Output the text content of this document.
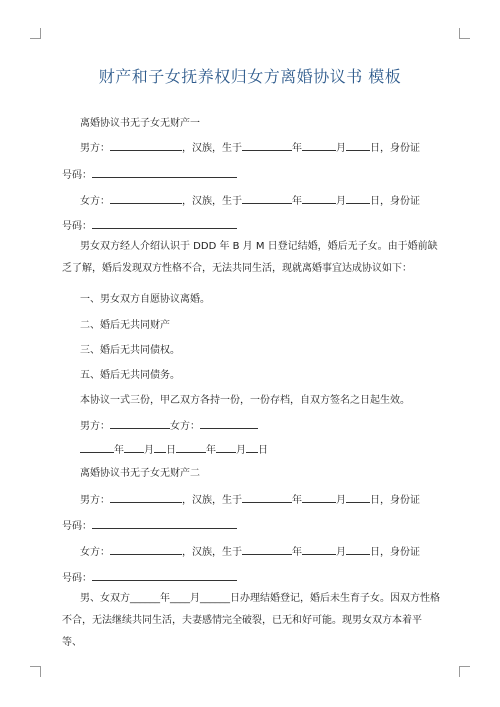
财产和子女抚养权归女方离婚协议书 模板
离婚协议书无子女无财产一
男方：	，汉族，生于	年	月 日，身份证
号码：
女方：	，汉族，生于	年	月 日，身份证
号码：
男女双方经人介绍认识于 DDD 年 B 月 M 日登记结婚，婚后无子女。由于婚前缺乏了解，婚后发现双方性格不合，无法共同生活，现就离婚事宜达成协议如下：
一、男女双方自愿协议离婚。
二、婚后无共同财产
三、婚后无共同债权。
五、婚后无共同债务。
本协议一式三份，甲乙双方各持一份，一份存档，自双方签名之日起生效。
男方：	女方：
年 月 日	年 月 日
离婚协议书无子女无财产二
男方：	，汉族，生于	年	月 日，身份证
号码：
女方：	，汉族，生于	年	月 日，身份证
号码：
男、女双方______年____月______日办理结婚登记，婚后未生育子女。因双方性格不合，无法继续共同生活，夫妻感情完全破裂，已无和好可能。现男女双方本着平等、
